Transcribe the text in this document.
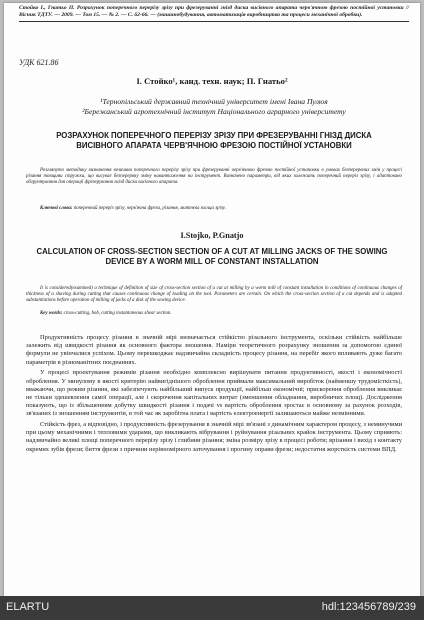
Стойко І., Гнатьо П. Розрахунок поперечного перерізу зрізу при фрезеруванні гнізд диска висівного апарата черв'ячною фрезою постійної установки // Вісник ТДТУ. — 2009. — Том 15. — № 2. — С. 62-66. — (машинобудування, автоматизація виробництва та процеси механічної обробки).
УДК 621.86
І. Стойко¹, канд. техн. наук; П. Гнатьо²
¹Тернопільський державний технічний університет імені Івана Пулюя
²Бережанський агротехнічний інститут Національного аграрного університету
РОЗРАХУНОК ПОПЕРЕЧНОГО ПЕРЕРІЗУ ЗРІЗУ ПРИ ФРЕЗЕРУВАННІ ГНІЗД ДИСКА ВИСІВНОГО АПАРАТА ЧЕРВ'ЯЧНОЮ ФРЕЗОЮ ПОСТІЙНОЇ УСТАНОВКИ
Розглянуто методику визначення величини поперечного перерізу зрізу при фрезеруванні черв'ячною фрезою постійної установки в умовах безперервних змін у процесі різання товщини стружки, що висуває безперервну зміну навантаження на інструмент. Визначено параметри, від яких залежить поперечний переріз зрізу, і адаптовано обгрунтування для операції фрезерування гнізд диска висівного апарата.
Ключові слова: поперечний переріз зрізу, черв'ячна фреза, різання, миттєва площа зрізу.
I.Stojko, P.Gnatjo
CALCULATION OF CROSS-SECTION SECTION OF A CUT AT MILLING JACKS OF THE SOWING DEVICE BY A WORM MILL OF CONSTANT INSTALLATION
It is considered(examined) a technique of definition of size of cross-section section of a cut at milling by a worm mill of constant installation in conditions of continuous changes of thickness of a shaving during cutting that causes continuous change of loading on the tool. Parameters are certain. On which the cross-section section of a cut depends and is adapted substantiations before operation of milling of jacks of a disk of the sowing device.
Key words: cross-cutting, hob, cutting instantaneous shear section.

Продуктивність процесу різання в значній мірі визначається стійкістю різального інструмента, оскільки стійкість найбільше залежить від швидкості різання як основного фактора зношення. Наміри теоретичного розрахунку зношення за допомогою єдиної формули не увінчалися успіхом. Цьому перешкоджає надзвичайна складність процесу різання, на перебіг якого впливають дуже багато параметрів в різноманітних поєднаннях.

У процесі проектування режимів різання необхідно комплексно вирішувати питання продуктивності, якості і економічності оброблення. У минулому в якості критерію найвигіднішого оброблення приймали максимальний виробіток (найменшу трудомісткість), вважаючи, що режим різання, які забезпечують найбільший випуск продукції, найбільш економічні; прискорення оброблення викликає не тільки здешевлення самої операції, але і скорочення капітальних витрат (зменшення обладнання, виробничих площ). Дослідження показують, що із збільшенням добутку швидкості різання і подачі vs вартість оброблення зростає в основному за рахунок розходів, зв'язаних із зношенням інструментів, в той час як заробітна плата і вартість електроенергії залишаються майже незмінними.

Стійкість фрез, а відповідно, і продуктивність фрезерування в значній мірі зв'язані з динамічним характером процесу, з неминучими при цьому механічними і тепловими ударами, що викликають вібрування і руйнування різальних крайок інструмента. Цьому сприяють: надзвичайно великі площі поперечного перерізу зрізу і глибини різання; зміна розміру зрізу в процесі роботи; врізання і вихід з контакту окремих зубів фрези; биття фрези з причини нерівномірного заточування і прогину оправи фрези; недостатня жорсткість системи ВПД.

ELARTU	hdl:123456789/239
